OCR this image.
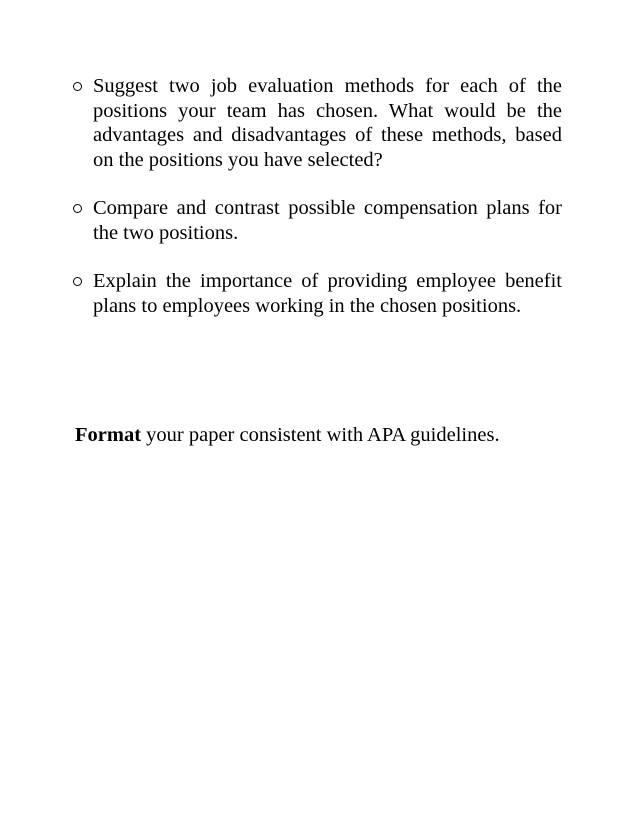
Suggest two job evaluation methods for each of the positions your team has chosen. What would be the advantages and disadvantages of these methods, based on the positions you have selected?
Compare and contrast possible compensation plans for the two positions.
Explain the importance of providing employee benefit plans to employees working in the chosen positions.

Format your paper consistent with APA guidelines.
